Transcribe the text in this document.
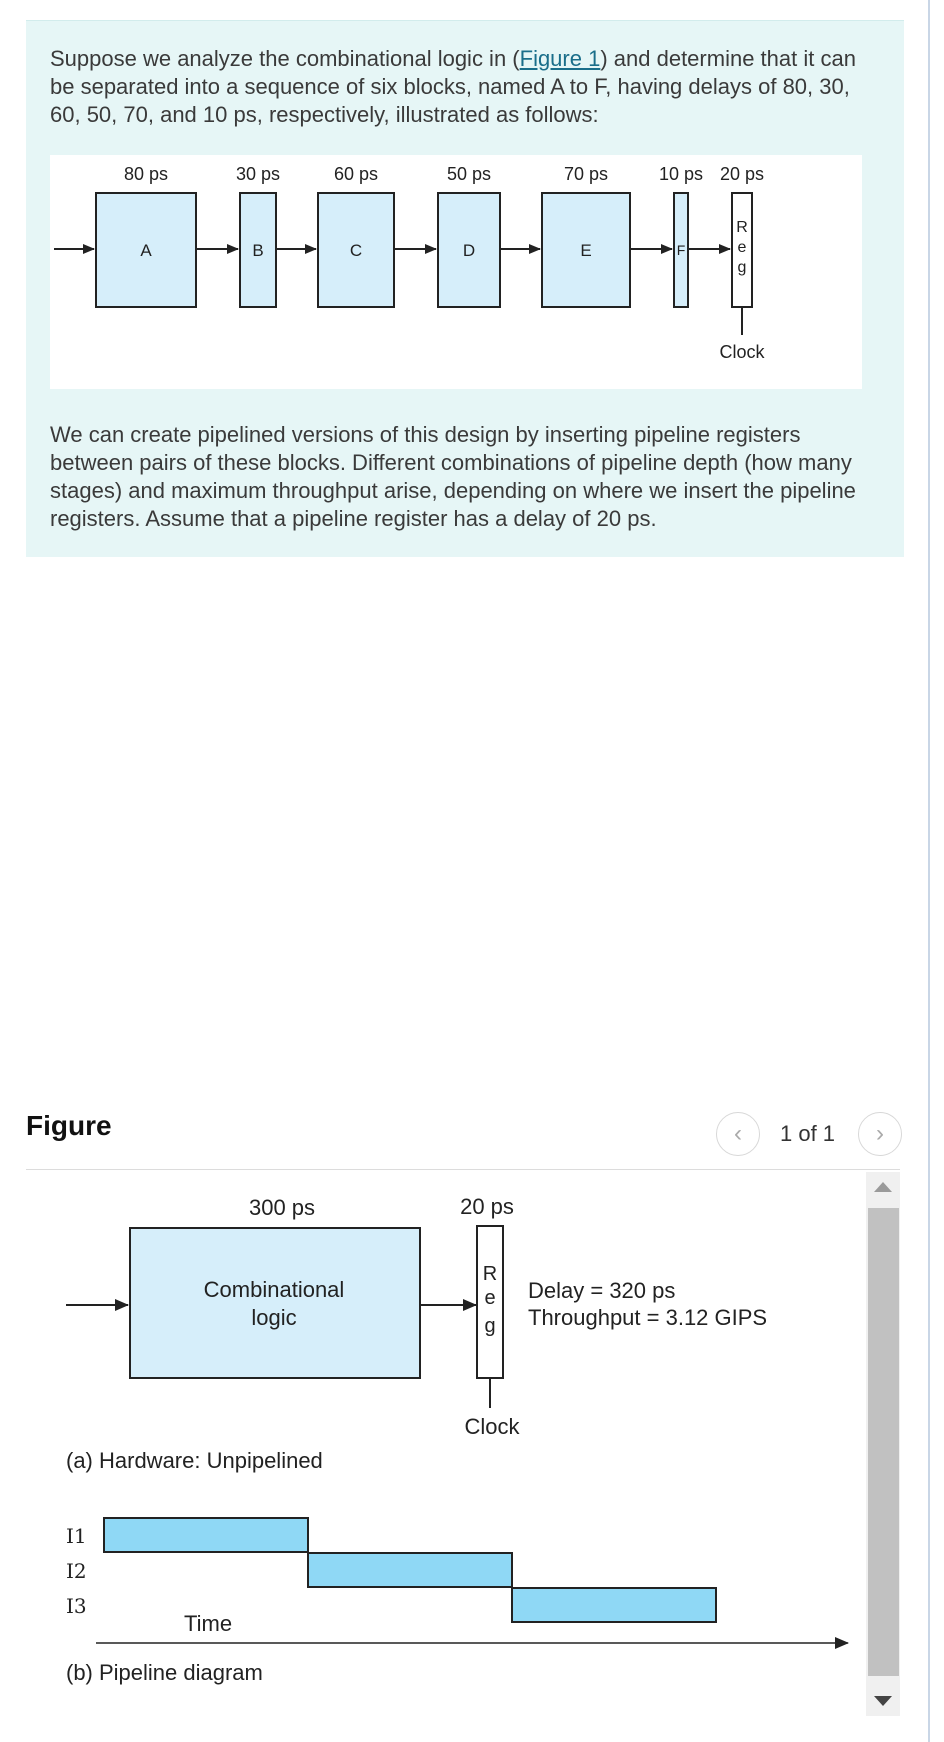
Suppose we analyze the combinational logic in (Figure 1) and determine that it can be separated into a sequence of six blocks, named A to F, having delays of 80, 30, 60, 50, 70, and 10 ps, respectively, illustrated as follows:

A
80 ps
B
30 ps
C
60 ps
D
50 ps
E
70 ps
F
10 ps
R
e
g
20 ps
Clock

We can create pipelined versions of this design by inserting pipeline registers between pairs of these blocks. Different combinations of pipeline depth (how many stages) and maximum throughput arise, depending on where we insert the pipeline registers. Assume that a pipeline register has a delay of 20 ps.

Figure	‹ 1 of 1 ›
300 ps
Combinational
logic
20 ps
R
e
g
Clock
Delay = 320 ps
Throughput = 3.12 GIPS
(a) Hardware: Unpipelined
I1
I2
I3
Time
(b) Pipeline diagram
